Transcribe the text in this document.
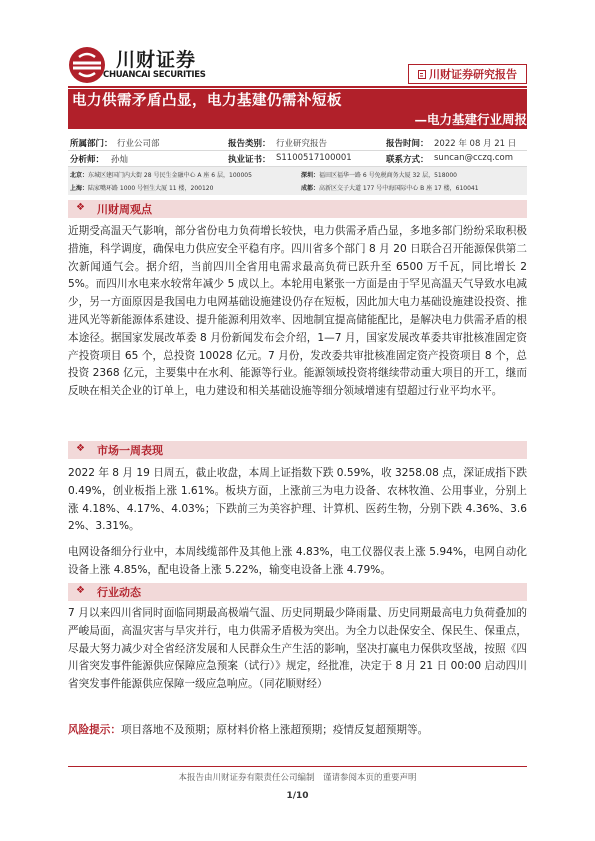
川财证券
CHUANCAI SECURITIES	川财证券研究报告
电力供需矛盾凸显，电力基建仍需补短板
—电力基建行业周报
所属部门： 行业公司部	报告类别： 行业研究报告	报告时间： 2022 年 08 月 21 日
分析师： 孙灿	执业证书： S1100517100001	联系方式： suncan@cczq.com
北京： 东城区建国门内大街 28 号民生金融中心 A 座 6 层，100005	深圳： 福田区福华一路 6 号免税商务大厦 32 层，518000
上海： 陆家嘴环路 1000 号恒生大厦 11 楼，200120	成都： 高新区交子大道 177 号中海国际中心 B 座 17 楼，610041
❖
川财周观点
近期受高温天气影响，部分省份电力负荷增长较快，电力供需矛盾凸显，多地多部门纷纷采取积极措施，科学调度，确保电力供应安全平稳有序。四川省多个部门 8 月 20 日联合召开能源保供第二次新闻通气会。据介绍，当前四川全省用电需求最高负荷已跃升至 6500 万千瓦，同比增长 25%。而四川水电来水较常年减少 5 成以上。本轮用电紧张一方面是由于罕见高温天气导致水电减少，另一方面原因是我国电力电网基础设施建设仍存在短板，因此加大电力基础设施建设投资、推进风光等新能源体系建设、提升能源利用效率、因地制宜提高储能配比，是解决电力供需矛盾的根本途径。据国家发展改革委 8 月份新闻发布会介绍，1—7 月，国家发展改革委共审批核准固定资产投资项目 65 个，总投资 10028 亿元。7 月份，发改委共审批核准固定资产投资项目 8 个，总投资 2368 亿元，主要集中在水利、能源等行业。能源领域投资将继续带动重大项目的开工，继而反映在相关企业的订单上，电力建设和相关基础设施等细分领域增速有望超过行业平均水平。
❖
市场一周表现
2022 年 8 月 19 日周五，截止收盘，本周上证指数下跌 0.59%，收 3258.08 点，深证成指下跌 0.49%，创业板指上涨 1.61%。板块方面，上涨前三为电力设备、农林牧渔、公用事业，分别上涨 4.18%、4.17%、4.03%；下跌前三为美容护理、计算机、医药生物，分别下跌 4.36%、3.62%、3.31%。
电网设备细分行业中，本周线缆部件及其他上涨 4.83%，电工仪器仪表上涨 5.94%，电网自动化设备上涨 4.85%，配电设备上涨 5.22%，输变电设备上涨 4.79%。
❖
行业动态
7 月以来四川省同时面临同期最高极端气温、历史同期最少降雨量、历史同期最高电力负荷叠加的严峻局面，高温灾害与旱灾并行，电力供需矛盾极为突出。为全力以赴保安全、保民生、保重点，尽最大努力减少对全省经济发展和人民群众生产生活的影响，坚决打赢电力保供攻坚战，按照《四川省突发事件能源供应保障应急预案（试行）》规定，经批准，决定于 8 月 21 日 00:00 启动四川省突发事件能源供应保障一级应急响应。（同花顺财经）
风险提示：项目落地不及预期；原材料价格上涨超预期；疫情反复超预期等。
本报告由川财证券有限责任公司编制　谨请参阅本页的重要声明
1/10
